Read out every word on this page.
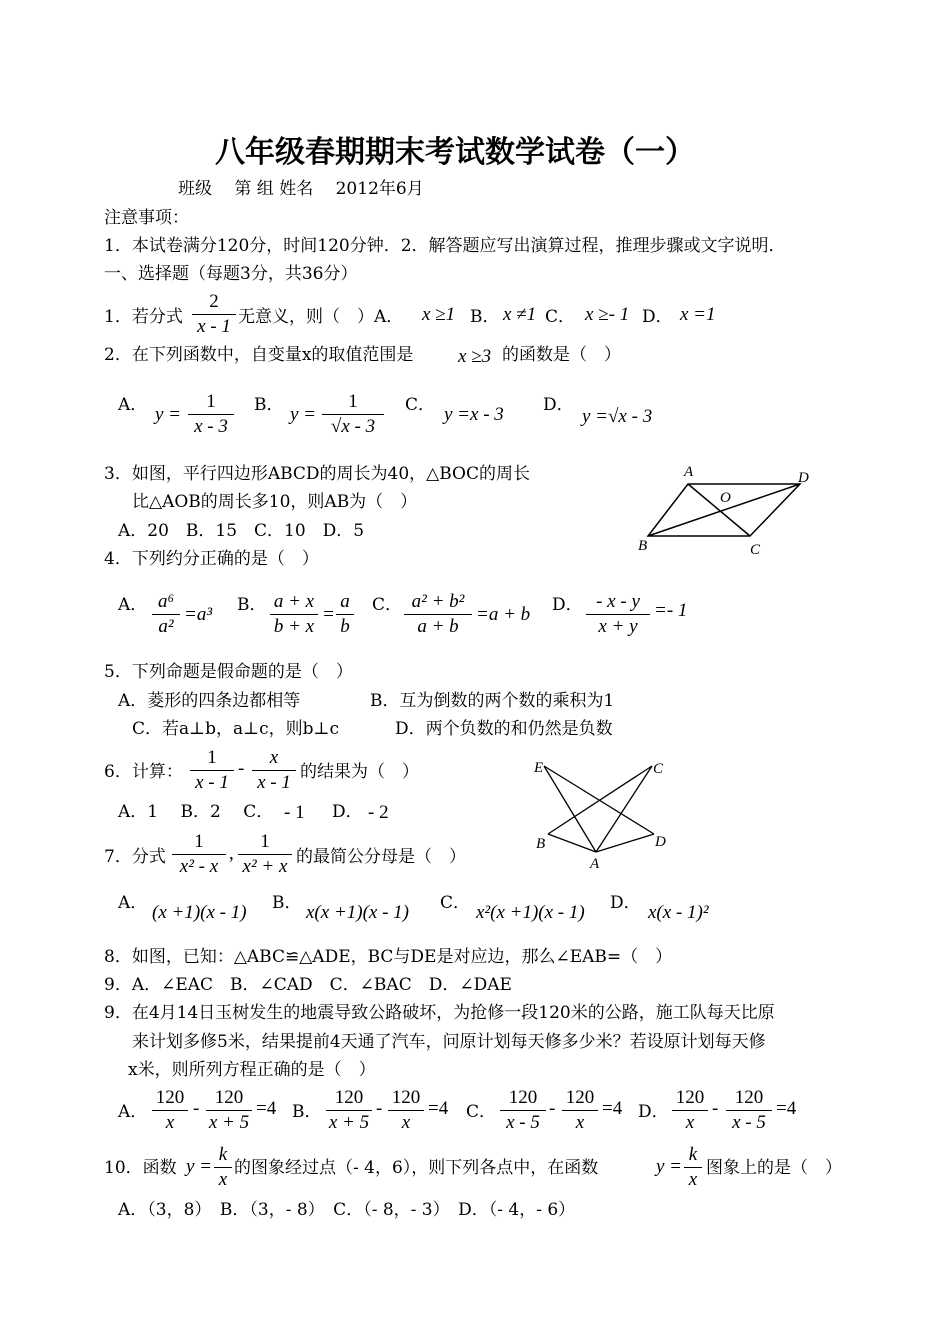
八年级春期期末考试数学试卷（一）
班级　 第 组 姓名　 2012年6月
注意事项：
1．本试卷满分120分，时间120分钟．2．解答题应写出演算过程，推理步骤或文字说明．
一、选择题（每题3分，共36分）
1．若分式 $\frac{2}{x - 1}$ 无意义，则（　）A． x ≥1 B． x ≠1 C． x ≥- 1 D． x =1
2．在下列函数中，自变量x的取值范围是 x ≥3 的函数是（　）
A． $y = \frac{1}{x - 3}$ B． $y = \frac{1}{√x - 3}$ C． y =x - 3 D．
y =√x - 3
3．如图，平行四边形ABCD的周长为40，△BOC的周长
比△AOB的周长多10，则AB为（　）
A．20　B．15　C．10　D．5
A	D
O
B	C
4．下列约分正确的是（　）
A． $\frac{\text{a⁶}}{\text{a²}} =a^3$ B． $\frac{a + x}{b + x} = \frac{a}{b}$ C． $\frac{\text{a² + b²}}{a + b} =a + b$ D． $\frac{- x - y}{x + y} =- 1$
5．下列命题是假命题的是（　）
A．菱形的四条边都相等	B．互为倒数的两个数的乘积为1
C．若a⊥b，a⊥c，则b⊥c	D．两个负数的和仍然是负数
6．计算： $\frac{1}{x - 1} - \frac{x}{x - 1}$ 的结果为（　）
A．1　 B．2　 C． - 1 D． - 2
E	C
B	D
A
7．分式 $\frac{1}{\text{x² - x}}$ , $\frac{1}{\text{x² + x}}$ 的最简公分母是（　）
A． (x +1)(x - 1) B． x(x +1)(x - 1) C． x²(x +1)(x - 1) D． x(x - 1)²
8．如图，已知：△ABC≌△ADE，BC与DE是对应边，那么∠EAB=（　）
9．A．∠EAC　B．∠CAD　C．∠BAC　D．∠DAE
9．在4月14日玉树发生的地震导致公路破坏，为抢修一段120米的公路，施工队每天比原
来计划多修5米，结果提前4天通了汽车，问原计划每天修多少米？若设原计划每天修
x米，则所列方程正确的是（　）
A． $\frac{120}{x} - \frac{120}{x + 5} =4$ B． $\frac{120}{x + 5} - \frac{120}{x} =4$ C． $\frac{120}{x - 5} - \frac{120}{x} =4$ D． $\frac{120}{x} - \frac{120}{x - 5} =4$
10．函数 $y = \frac{k}{x}$ 的图象经过点（- 4，6），则下列各点中，在函数	$y = \frac{k}{x}$ 图象上的是（　）
A．（3，8）　B．（3，- 8）　C．（- 8，- 3）　D．（- 4，- 6）
